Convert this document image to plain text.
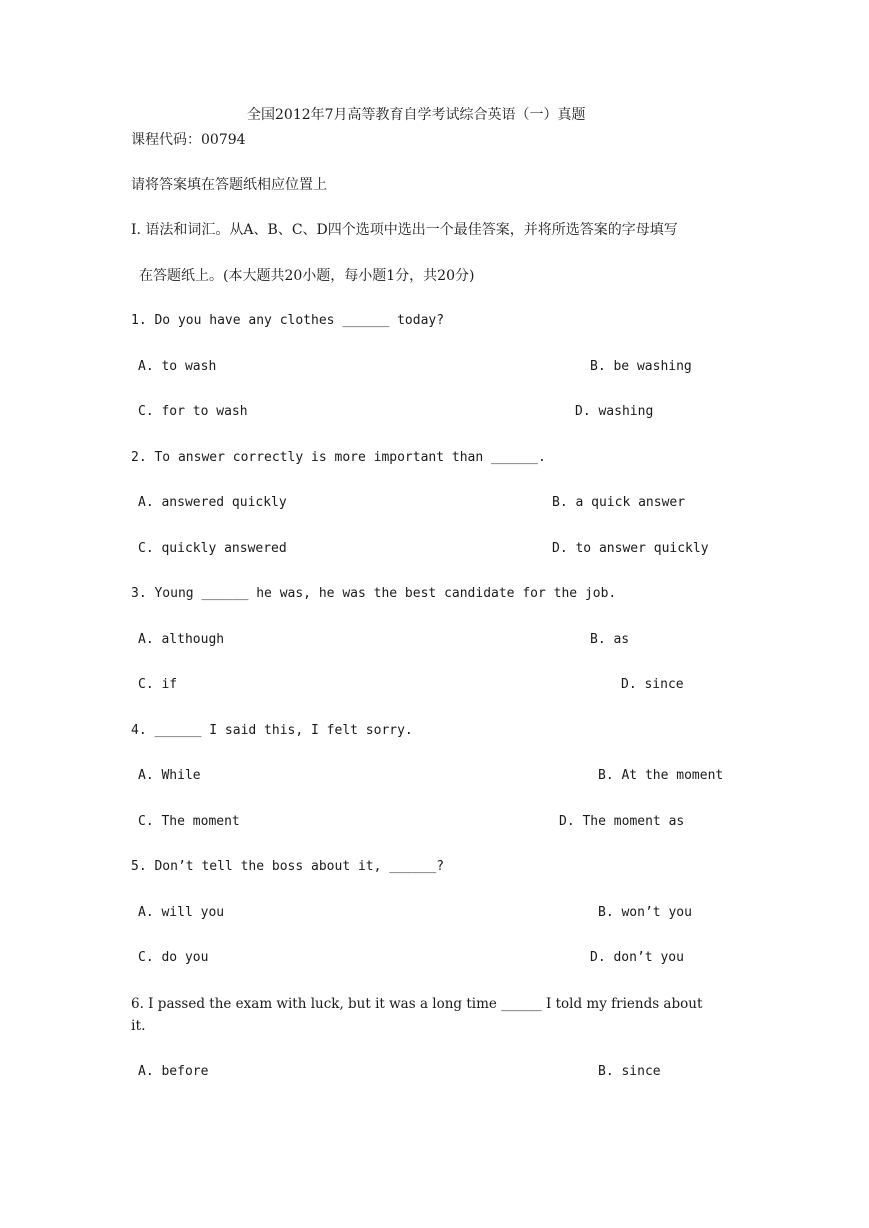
全国2012年7月高等教育自学考试综合英语（一）真题
课程代码：00794
请将答案填在答题纸相应位置上
I. 语法和词汇。从A、B、C、D四个选项中选出一个最佳答案，并将所选答案的字母填写
在答题纸上。(本大题共20小题，每小题1分，共20分)
1. Do you have any clothes ______ today?
A. to wash	B. be washing
C. for to wash	D. washing
2. To answer correctly is more important than ______.
A. answered quickly	B. a quick answer
C. quickly answered	D. to answer quickly
3. Young ______ he was, he was the best candidate for the job.
A. although	B. as
C. if	D. since
4. ______ I said this, I felt sorry.
A. While	B. At the moment
C. The moment	D. The moment as
5. Don’t tell the boss about it, ______?
A. will you	B. won’t you
C. do you	D. don’t you
6. I passed the exam with luck, but it was a long time ______ I told my friends about
it.
A. before	B. since
